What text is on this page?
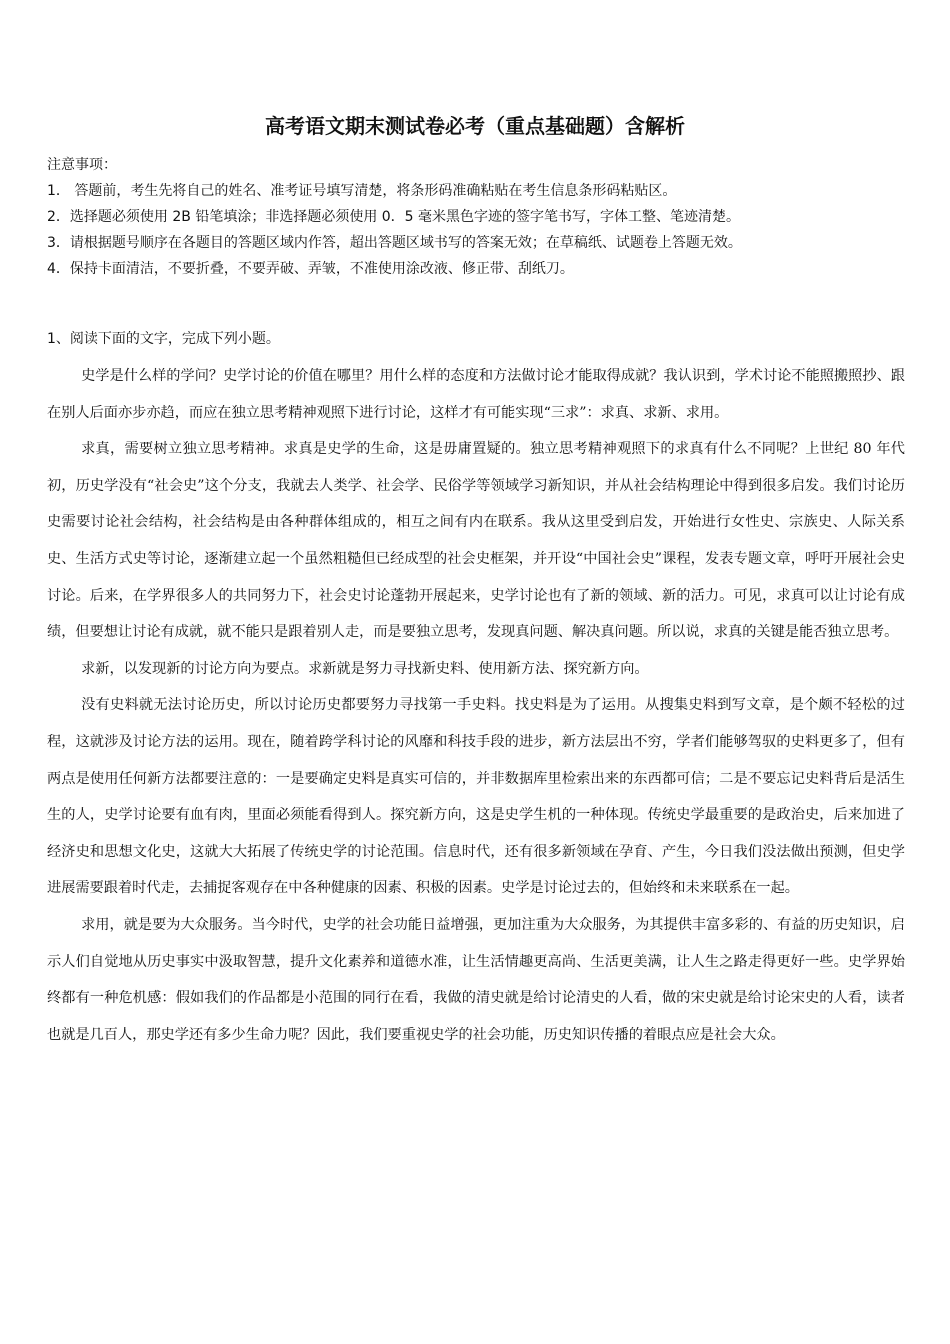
高考语文期末测试卷必考（重点基础题）含解析
注意事项：
1． 答题前，考生先将自己的姓名、准考证号填写清楚，将条形码准确粘贴在考生信息条形码粘贴区。
2．选择题必须使用 2B 铅笔填涂；非选择题必须使用 0．5 毫米黑色字迹的签字笔书写，字体工整、笔迹清楚。
3．请根据题号顺序在各题目的答题区域内作答，超出答题区域书写的答案无效；在草稿纸、试题卷上答题无效。
4．保持卡面清洁，不要折叠，不要弄破、弄皱，不准使用涂改液、修正带、刮纸刀。
1、阅读下面的文字，完成下列小题。

史学是什么样的学问？史学讨论的价值在哪里？用什么样的态度和方法做讨论才能取得成就？我认识到，学术讨论不能照搬照抄、跟在别人后面亦步亦趋，而应在独立思考精神观照下进行讨论，这样才有可能实现“三求”：求真、求新、求用。

求真，需要树立独立思考精神。求真是史学的生命，这是毋庸置疑的。独立思考精神观照下的求真有什么不同呢？上世纪 80 年代初，历史学没有“社会史”这个分支，我就去人类学、社会学、民俗学等领域学习新知识，并从社会结构理论中得到很多启发。我们讨论历史需要讨论社会结构，社会结构是由各种群体组成的，相互之间有内在联系。我从这里受到启发，开始进行女性史、宗族史、人际关系史、生活方式史等讨论，逐渐建立起一个虽然粗糙但已经成型的社会史框架，并开设“中国社会史”课程，发表专题文章，呼吁开展社会史讨论。后来，在学界很多人的共同努力下，社会史讨论蓬勃开展起来，史学讨论也有了新的领域、新的活力。可见，求真可以让讨论有成绩，但要想让讨论有成就，就不能只是跟着别人走，而是要独立思考，发现真问题、解决真问题。所以说，求真的关键是能否独立思考。

求新，以发现新的讨论方向为要点。求新就是努力寻找新史料、使用新方法、探究新方向。

没有史料就无法讨论历史，所以讨论历史都要努力寻找第一手史料。找史料是为了运用。从搜集史料到写文章，是个颇不轻松的过程，这就涉及讨论方法的运用。现在，随着跨学科讨论的风靡和科技手段的进步，新方法层出不穷，学者们能够驾驭的史料更多了，但有两点是使用任何新方法都要注意的：一是要确定史料是真实可信的，并非数据库里检索出来的东西都可信；二是不要忘记史料背后是活生生的人，史学讨论要有血有肉，里面必须能看得到人。探究新方向，这是史学生机的一种体现。传统史学最重要的是政治史，后来加进了经济史和思想文化史，这就大大拓展了传统史学的讨论范围。信息时代，还有很多新领域在孕育、产生，今日我们没法做出预测，但史学进展需要跟着时代走，去捕捉客观存在中各种健康的因素、积极的因素。史学是讨论过去的，但始终和未来联系在一起。

求用，就是要为大众服务。当今时代，史学的社会功能日益增强，更加注重为大众服务，为其提供丰富多彩的、有益的历史知识，启示人们自觉地从历史事实中汲取智慧，提升文化素养和道德水准，让生活情趣更高尚、生活更美满，让人生之路走得更好一些。史学界始终都有一种危机感：假如我们的作品都是小范围的同行在看，我做的清史就是给讨论清史的人看，做的宋史就是给讨论宋史的人看，读者也就是几百人，那史学还有多少生命力呢？因此，我们要重视史学的社会功能，历史知识传播的着眼点应是社会大众。
